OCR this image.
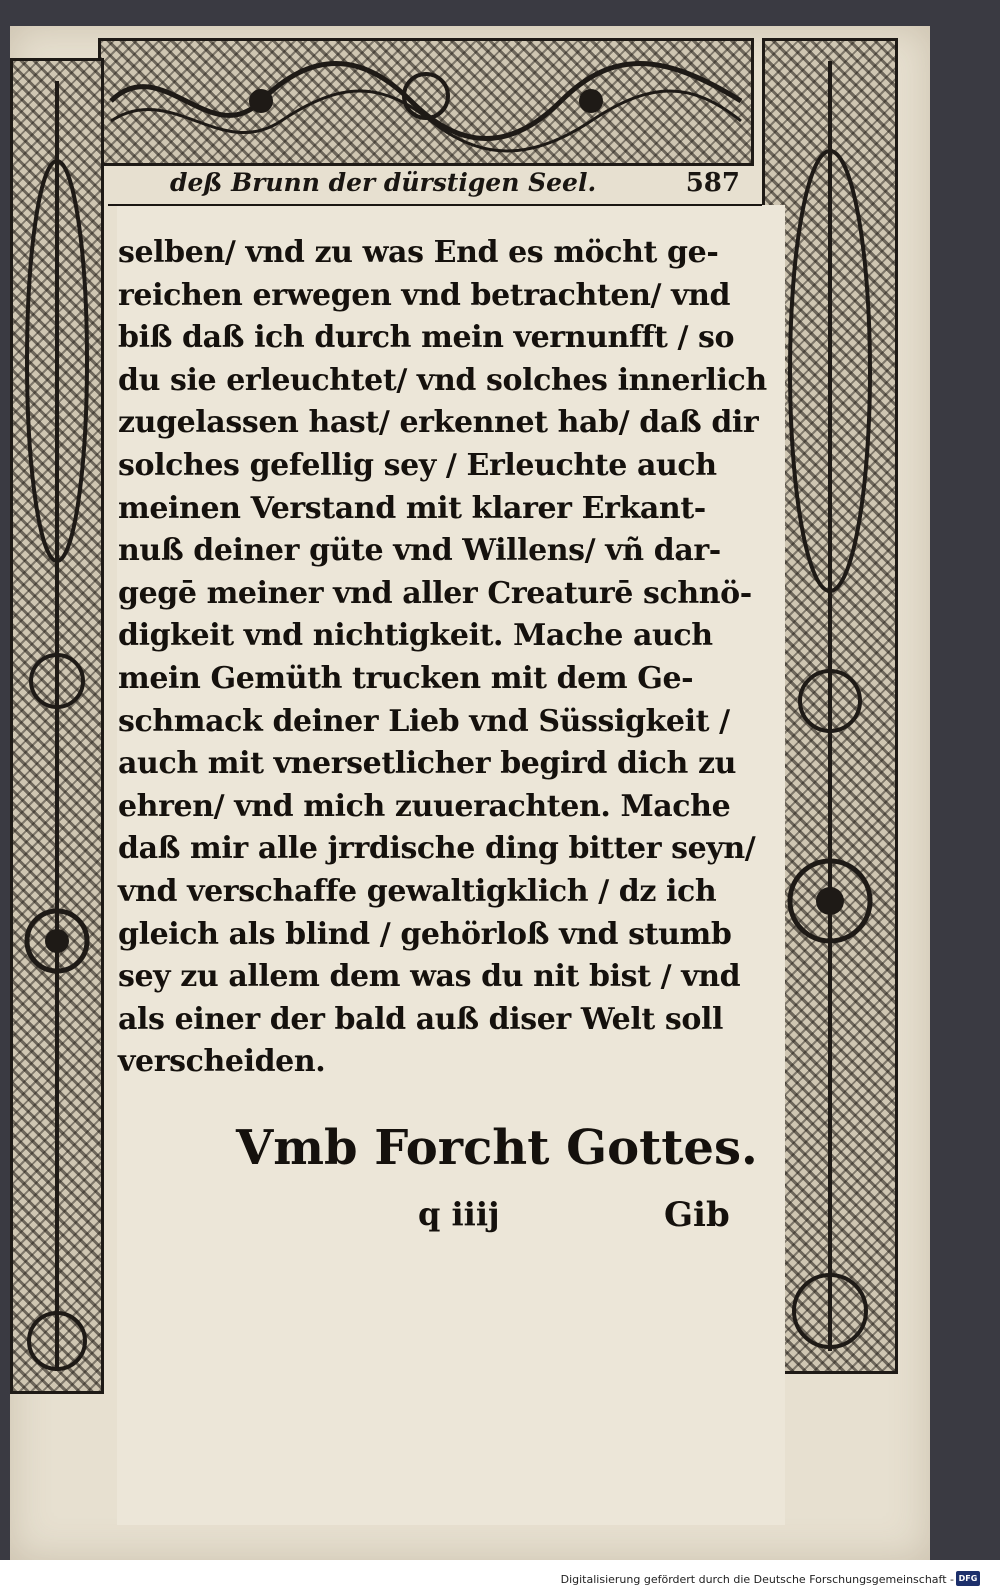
deß Brunn der dürstigen Seel.	587
selben/ vnd zu was End es möcht ge-
reichen erwegen vnd betrachten/ vnd
biß daß ich durch mein vernunfft / so
du sie erleuchtet/ vnd solches innerlich
zugelassen hast/ erkennet hab/ daß dir
solches gefellig sey / Erleuchte auch
meinen Verstand mit klarer Erkant-
nuß deiner güte vnd Willens/ vñ dar-
gegē meiner vnd aller Creaturē schnö-
digkeit vnd nichtigkeit. Mache auch
mein Gemüth trucken mit dem Ge-
schmack deiner Lieb vnd Süssigkeit /
auch mit vnersetlicher begird dich zu
ehren/ vnd mich zuuerachten. Mache
daß mir alle jrrdische ding bitter seyn/
vnd verschaffe gewaltigklich / dz ich
gleich als blind / gehörloß vnd stumb
sey zu allem dem was du nit bist / vnd
als einer der bald auß diser Welt soll
verscheiden.
Vmb Forcht Gottes.
q iiij	Gib
Digitalisierung gefördert durch die Deutsche Forschungsgemeinschaft - DFG
